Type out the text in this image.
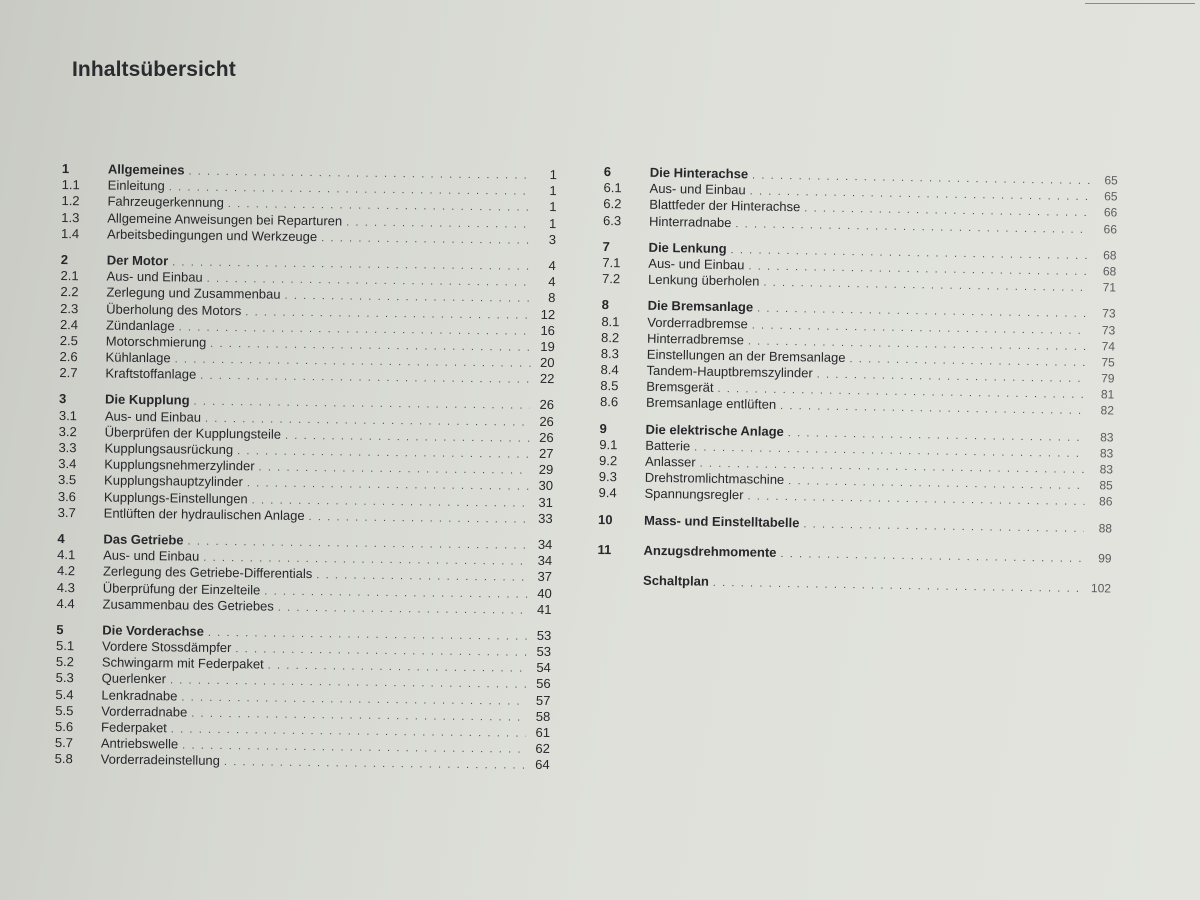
Inhaltsübersicht
1	Allgemeines . . .	1
1.1	Einleitung . . .	1
1.2	Fahrzeugerkennung . . .	1
1.3	Allgemeine Anweisungen bei Reparturen . . .	1
1.4	Arbeitsbedingungen und Werkzeuge . . .	3
2	Der Motor . . .	4
2.1	Aus- und Einbau . . .	4
2.2	Zerlegung und Zusammenbau . . .	8
2.3	Überholung des Motors . . .	12
2.4	Zündanlage . . .	16
2.5	Motorschmierung . . .	19
2.6	Kühlanlage . . .	20
2.7	Kraftstoffanlage . . .	22
3	Die Kupplung . . .	26
3.1	Aus- und Einbau . . .	26
3.2	Überprüfen der Kupplungsteile . . .	26
3.3	Kupplungsausrückung . . .	27
3.4	Kupplungsnehmerzylinder . . .	29
3.5	Kupplungshauptzylinder . . .	30
3.6	Kupplungs-Einstellungen . . .	31
3.7	Entlüften der hydraulischen Anlage . . .	33
4	Das Getriebe . . .	34
4.1	Aus- und Einbau . . .	34
4.2	Zerlegung des Getriebe-Differentials . . .	37
4.3	Überprüfung der Einzelteile . . .	40
4.4	Zusammenbau des Getriebes . . .	41
5	Die Vorderachse . . .	53
5.1	Vordere Stossdämpfer . . .	53
5.2	Schwingarm mit Federpaket . . .	54
5.3	Querlenker . . .	56
5.4	Lenkradnabe . . .	57
5.5	Vorderradnabe . . .	58
5.6	Federpaket . . .	61
5.7	Antriebswelle . . .	62
5.8	Vorderradeinstellung . . .	64
6	Die Hinterachse . . .	65
6.1	Aus- und Einbau . . .	65
6.2	Blattfeder der Hinterachse . . .	66
6.3	Hinterradnabe . . .	66
7	Die Lenkung . . .	68
7.1	Aus- und Einbau . . .	68
7.2	Lenkung überholen . . .	71
8	Die Bremsanlage . . .	73
8.1	Vorderradbremse . . .	73
8.2	Hinterradbremse . . .	74
8.3	Einstellungen an der Bremsanlage . . .	75
8.4	Tandem-Hauptbremszylinder . . .	79
8.5	Bremsgerät . . .	81
8.6	Bremsanlage entlüften . . .	82
9	Die elektrische Anlage . . .	83
9.1	Batterie . . .	83
9.2	Anlasser . . .	83
9.3	Drehstromlichtmaschine . . .	85
9.4	Spannungsregler . . .	86
10	Mass- und Einstelltabelle . . .	88
11	Anzugsdrehmomente . . .	99
Schaltplan . . .	102
